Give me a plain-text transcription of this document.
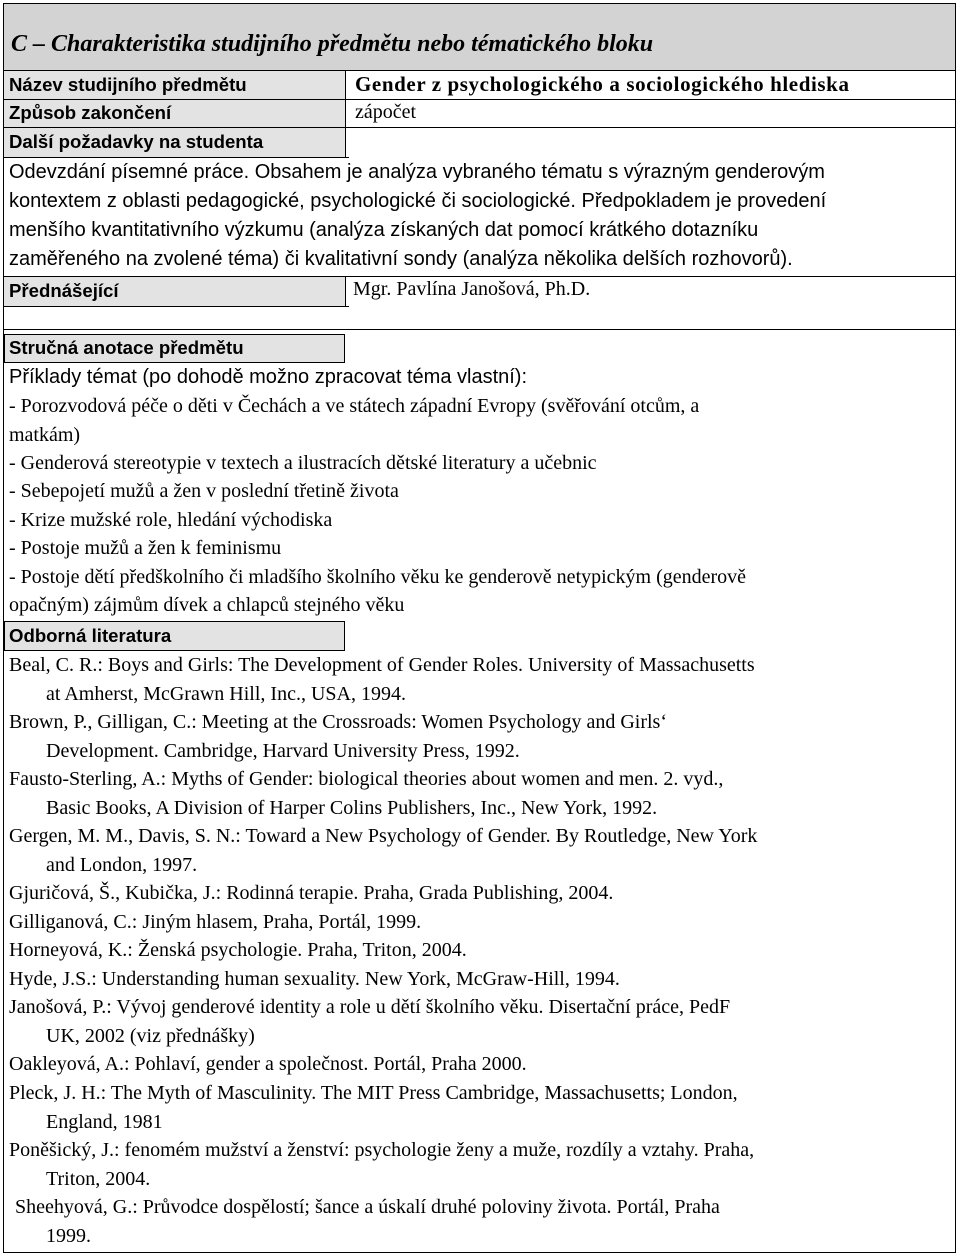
C – Charakteristika studijního předmětu nebo tématického bloku
Název studijního předmětu	Gender z psychologického a sociologického hlediska
Způsob zakončení	zápočet
Další požadavky na studenta
Odevzdání písemné práce. Obsahem je analýza vybraného tématu s výrazným genderovým
kontextem z oblasti pedagogické, psychologické či sociologické. Předpokladem je provedení
menšího kvantitativního výzkumu (analýza získaných dat pomocí krátkého dotazníku
zaměřeného na zvolené téma) či kvalitativní sondy (analýza několika delších rozhovorů).
Přednášející	Mgr. Pavlína Janošová, Ph.D.
Stručná anotace předmětu
Příklady témat (po dohodě možno zpracovat téma vlastní):
- Porozvodová péče o děti v Čechách a ve státech západní Evropy (svěřování otcům, a
matkám)
- Genderová stereotypie v textech a ilustracích dětské literatury a učebnic
- Sebepojetí mužů a žen v poslední třetině života
- Krize mužské role, hledání východiska
- Postoje mužů a žen k feminismu
- Postoje dětí předškolního či mladšího školního věku ke genderově netypickým (genderově
opačným) zájmům dívek a chlapců stejného věku
Odborná literatura
Beal, C. R.: Boys and Girls: The Development of Gender Roles. University of Massachusetts
at Amherst, McGrawn Hill, Inc., USA, 1994.
Brown, P., Gilligan, C.: Meeting at the Crossroads: Women Psychology and Girls‘
Development. Cambridge, Harvard University Press, 1992.
Fausto-Sterling, A.: Myths of Gender: biological theories about women and men. 2. vyd.,
Basic Books, A Division of Harper Colins Publishers, Inc., New York, 1992.
Gergen, M. M., Davis, S. N.: Toward a New Psychology of Gender. By Routledge, New York
and London, 1997.
Gjuričová, Š., Kubička, J.: Rodinná terapie. Praha, Grada Publishing, 2004.
Gilliganová, C.: Jiným hlasem, Praha, Portál, 1999.
Horneyová, K.: Ženská psychologie. Praha, Triton, 2004.
Hyde, J.S.: Understanding human sexuality. New York, McGraw-Hill, 1994.
Janošová, P.: Vývoj genderové identity a role u dětí školního věku. Disertační práce, PedF
UK, 2002 (viz přednášky)
Oakleyová, A.: Pohlaví, gender a společnost. Portál, Praha 2000.
Pleck, J. H.: The Myth of Masculinity. The MIT Press Cambridge, Massachusetts; London,
England, 1981
Poněšický, J.: fenomém mužství a ženství: psychologie ženy a muže, rozdíly a vztahy. Praha,
Triton, 2004.
Sheehyová, G.: Průvodce dospělostí; šance a úskalí druhé poloviny života. Portál, Praha
1999.
